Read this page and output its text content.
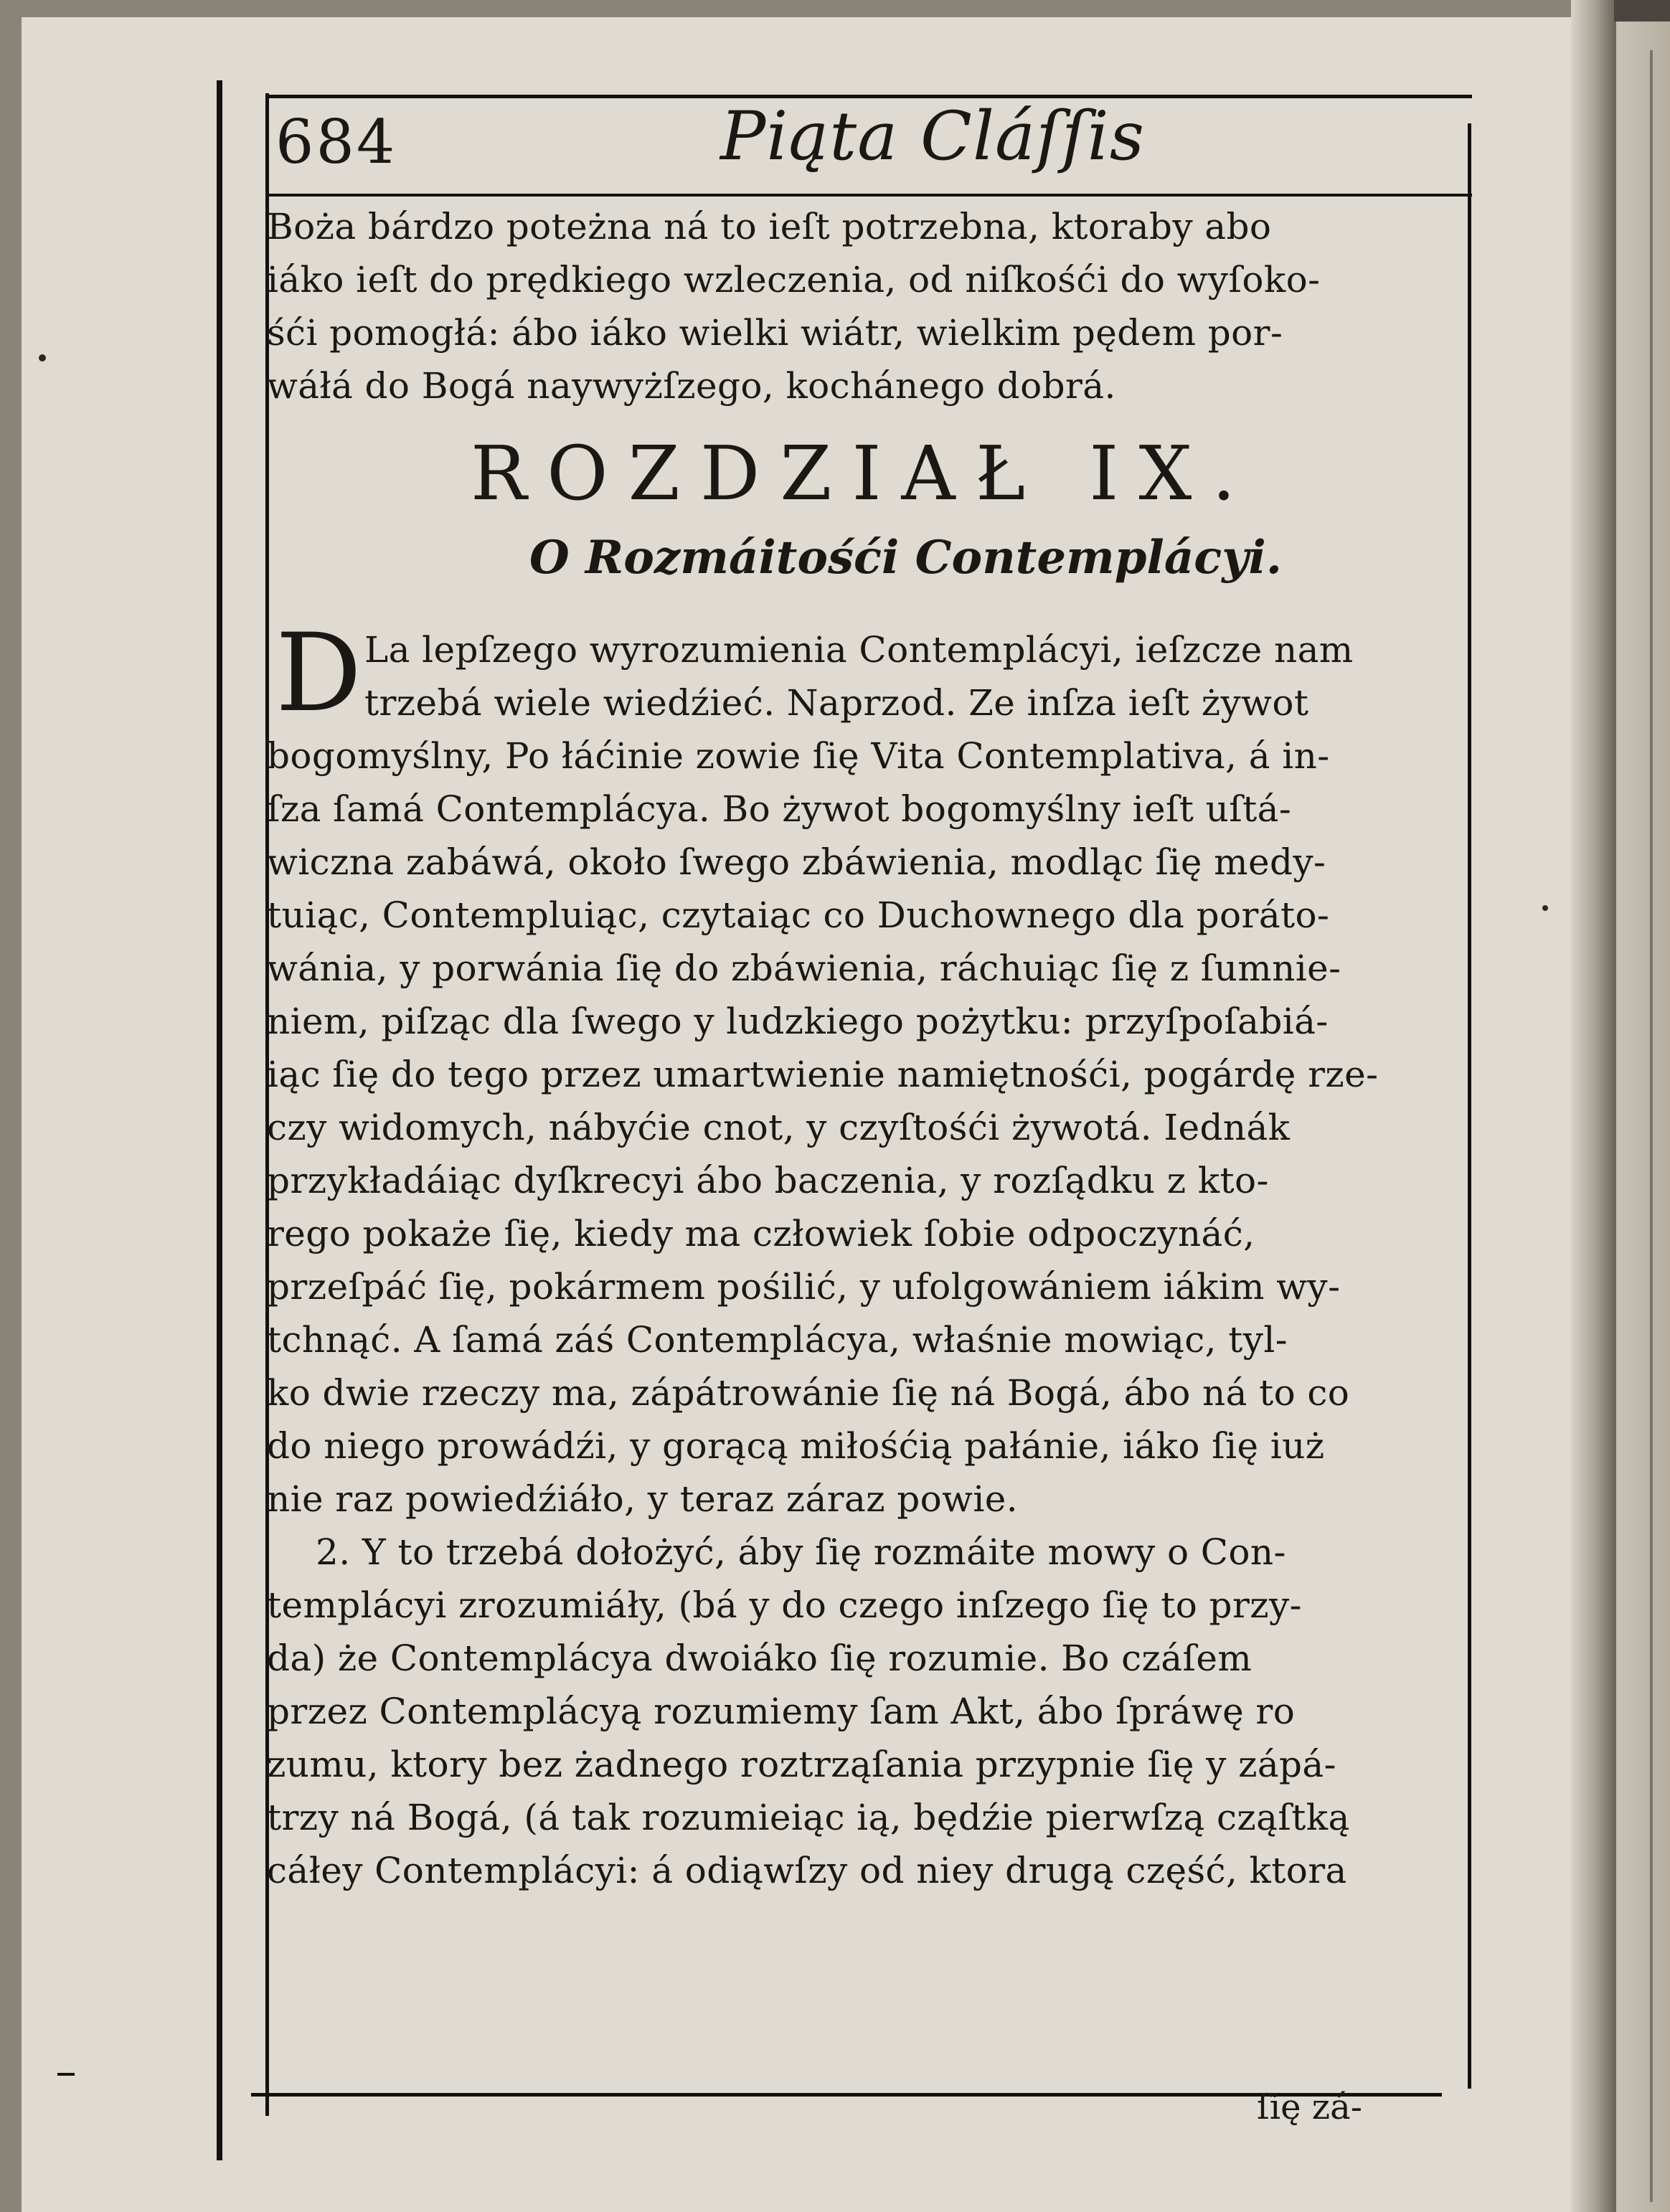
684	Piąta Cláſſis
Boża bárdzo poteżna ná to ieſt potrzebna, ktoraby abo
iáko ieſt do prędkiego wzleczenia, od niſkośći do wyſoko-
śći pomogłá: ábo iáko wielki wiátr, wielkim pędem por-
wáłá do Bogá naywyżſzego, kochánego dobrá.
ROZDZIAŁ IX.
O Rozmáitośći Contemplácyi.
D La lepſzego wyrozumienia Contemplácyi, ieſzcze nam
trzebá wiele wiedźieć. Naprzod. Ze inſza ieſt żywot
bogomyślny, Po łáćinie zowie ſię Vita Contemplativa, á in-
ſza ſamá Contemplácya. Bo żywot bogomyślny ieſt uſtá-
wiczna zabáwá, około ſwego zbáwienia, modląc ſię medy-
tuiąc, Contempluiąc, czytaiąc co Duchownego dla poráto-
wánia, y porwánia ſię do zbáwienia, ráchuiąc ſię z ſumnie-
niem, piſząc dla ſwego y ludzkiego pożytku: przyſpoſabiá-
iąc ſię do tego przez umartwienie namiętnośći, pogárdę rze-
czy widomych, nábyćie cnot, y czyſtośći żywotá. Iednák
przykładáiąc dyſkrecyi ábo baczenia, y rozſądku z kto-
rego pokaże ſię, kiedy ma człowiek ſobie odpoczynáć,
przeſpáć ſię, pokármem pośilić, y ufolgowániem iákim wy-
tchnąć. A ſamá záś Contemplácya, właśnie mowiąc, tyl-
ko dwie rzeczy ma, zápátrowánie ſię ná Bogá, ábo ná to co
do niego prowádźi, y gorącą miłośćią pałánie, iáko ſię iuż
nie raz powiedźiáło, y teraz záraz powie.
2. Y to trzebá dołożyć, áby ſię rozmáite mowy o Con-
templácyi zrozumiáły, (bá y do czego inſzego ſię to przy-
da) że Contemplácya dwoiáko ſię rozumie. Bo czáſem
przez Contemplácyą rozumiemy ſam Akt, ábo ſpráwę ro
zumu, ktory bez żadnego roztrząſania przypnie ſię y zápá-
trzy ná Bogá, (á tak rozumieiąc ią, będźie pierwſzą cząſtką
cáłey Contemplácyi: á odiąwſzy od niey drugą część, ktora
ſię zá-
